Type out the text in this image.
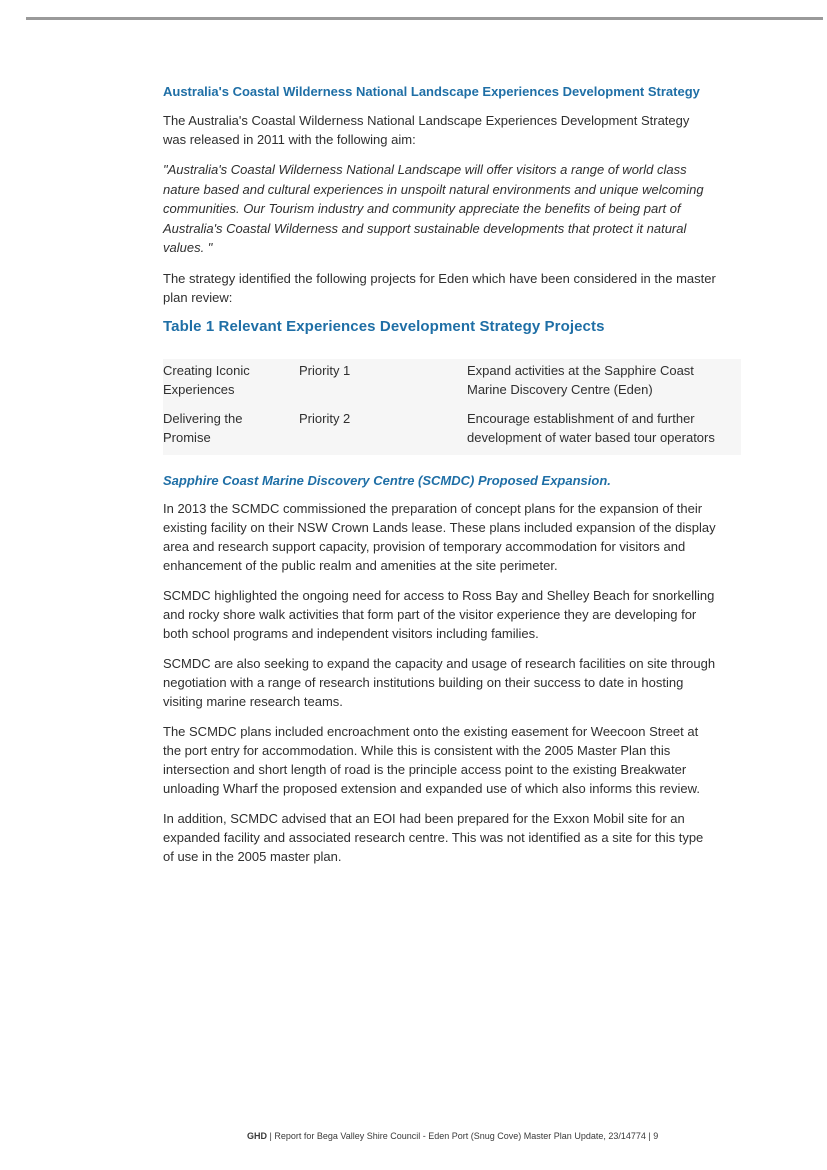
Australia's Coastal Wilderness National Landscape Experiences Development Strategy

The Australia's Coastal Wilderness National Landscape Experiences Development Strategy
was released in 2011 with the following aim:

"Australia's Coastal Wilderness National Landscape will offer visitors a range of world class
nature based and cultural experiences in unspoilt natural environments and unique welcoming
communities. Our Tourism industry and community appreciate the benefits of being part of
Australia's Coastal Wilderness and support sustainable developments that protect it natural
values. "

The strategy identified the following projects for Eden which have been considered in the master
plan review:

Table 1 Relevant Experiences Development Strategy Projects
Creating Iconic
Experiences	Priority 1	Expand activities at the Sapphire Coast
Marine Discovery Centre (Eden)
Delivering the
Promise	Priority 2	Encourage establishment of and further
development of water based tour operators
Sapphire Coast Marine Discovery Centre (SCMDC) Proposed Expansion.

In 2013 the SCMDC commissioned the preparation of concept plans for the expansion of their
existing facility on their NSW Crown Lands lease. These plans included expansion of the display
area and research support capacity, provision of temporary accommodation for visitors and
enhancement of the public realm and amenities at the site perimeter.

SCMDC highlighted the ongoing need for access to Ross Bay and Shelley Beach for snorkelling
and rocky shore walk activities that form part of the visitor experience they are developing for
both school programs and independent visitors including families.

SCMDC are also seeking to expand the capacity and usage of research facilities on site through
negotiation with a range of research institutions building on their success to date in hosting
visiting marine research teams.

The SCMDC plans included encroachment onto the existing easement for Weecoon Street at
the port entry for accommodation. While this is consistent with the 2005 Master Plan this
intersection and short length of road is the principle access point to the existing Breakwater
unloading Wharf the proposed extension and expanded use of which also informs this review.

In addition, SCMDC advised that an EOI had been prepared for the Exxon Mobil site for an
expanded facility and associated research centre. This was not identified as a site for this type
of use in the 2005 master plan.

GHD | Report for Bega Valley Shire Council - Eden Port (Snug Cove) Master Plan Update, 23/14774 | 9
